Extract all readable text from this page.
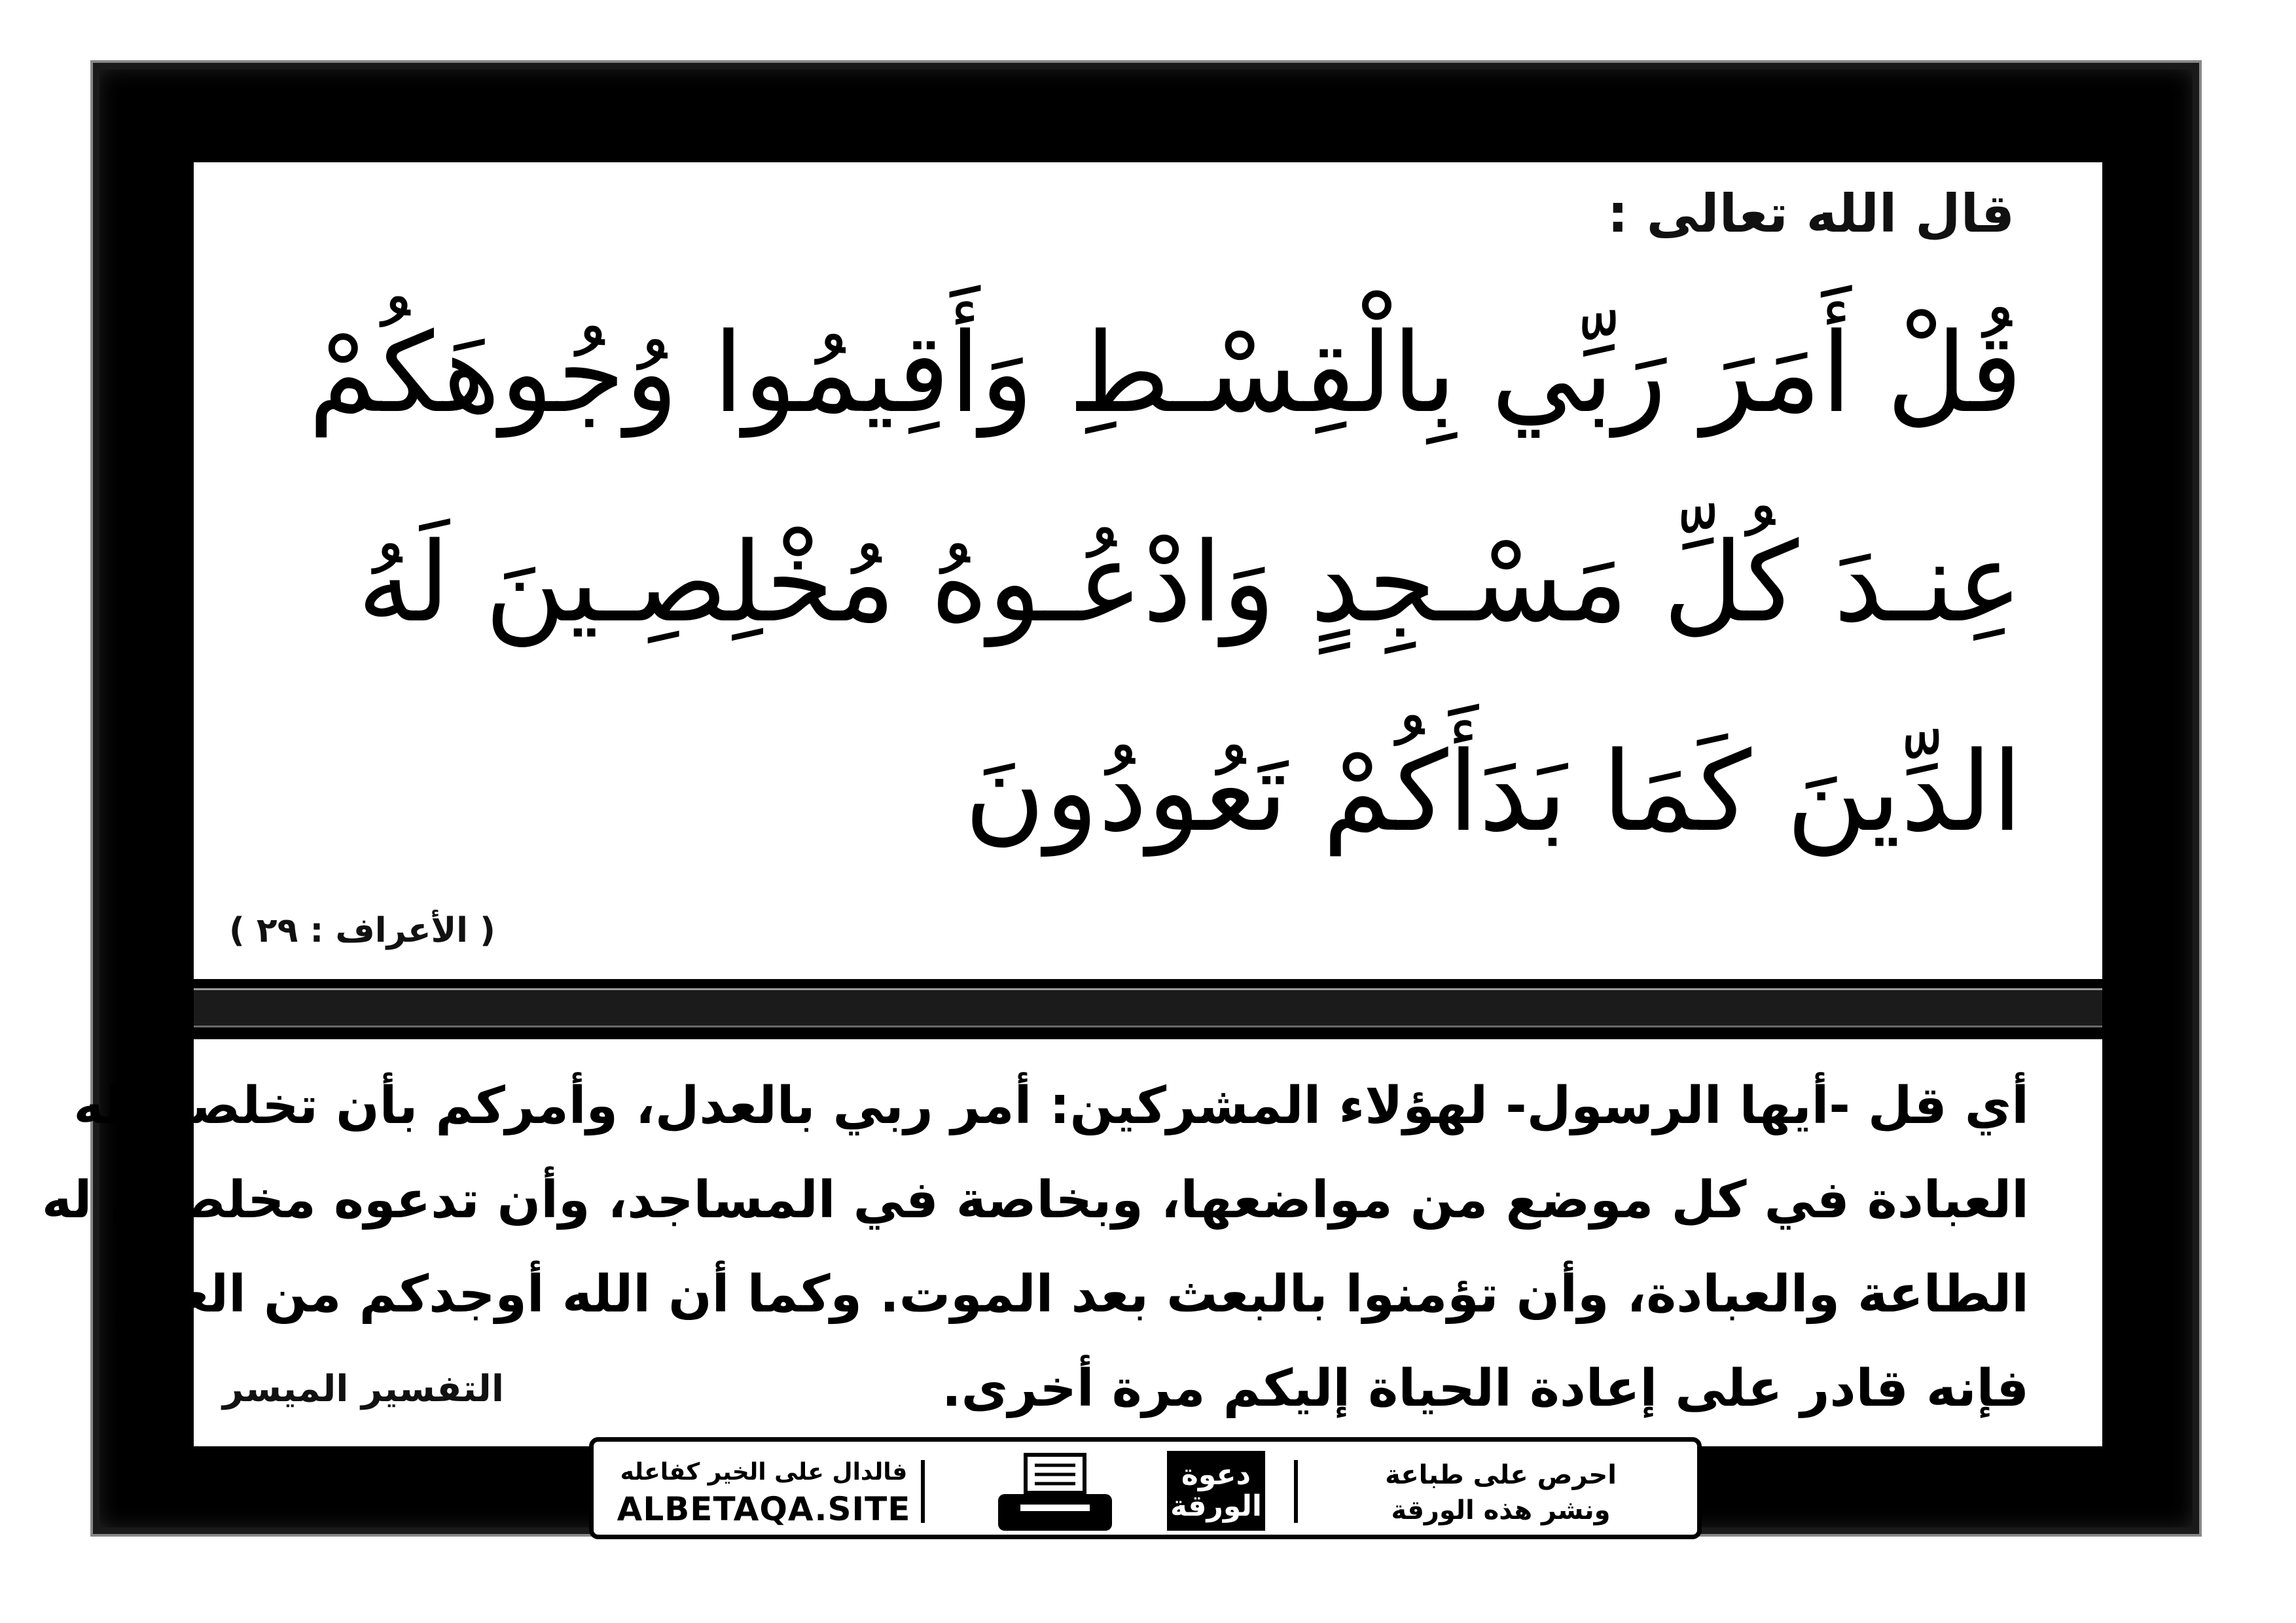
قال الله تعالى :
قُلْ أَمَرَ رَبِّي بِالْقِسْـطِ وَأَقِيمُوا وُجُوهَكُمْ
عِنـدَ كُلِّ مَسْـجِدٍ وَادْعُـوهُ مُخْلِصِـينَ لَهُ
الدِّينَ كَمَا بَدَأَكُمْ تَعُودُونَ
( الأعراف : ٢٩ )
أي قل -أيها الرسول- لهؤلاء المشركين: أمر ربي بالعدل، وأمركم بأن تخلصوا له
العبادة في كل موضع من مواضعها، وبخاصة في المساجد، وأن تدعوه مخلصين له
الطاعة والعبادة، وأن تؤمنوا بالبعث بعد الموت. وكما أن الله أوجدكم من العدم
فإنه قادر على إعادة الحياة إليكم مرة أخرى.
التفسير الميسر
احرص على طباعة
ونشر هذه الورقة
دعوة
الورقة
فالدال على الخير كفاعله
ALBETAQA.SITE
